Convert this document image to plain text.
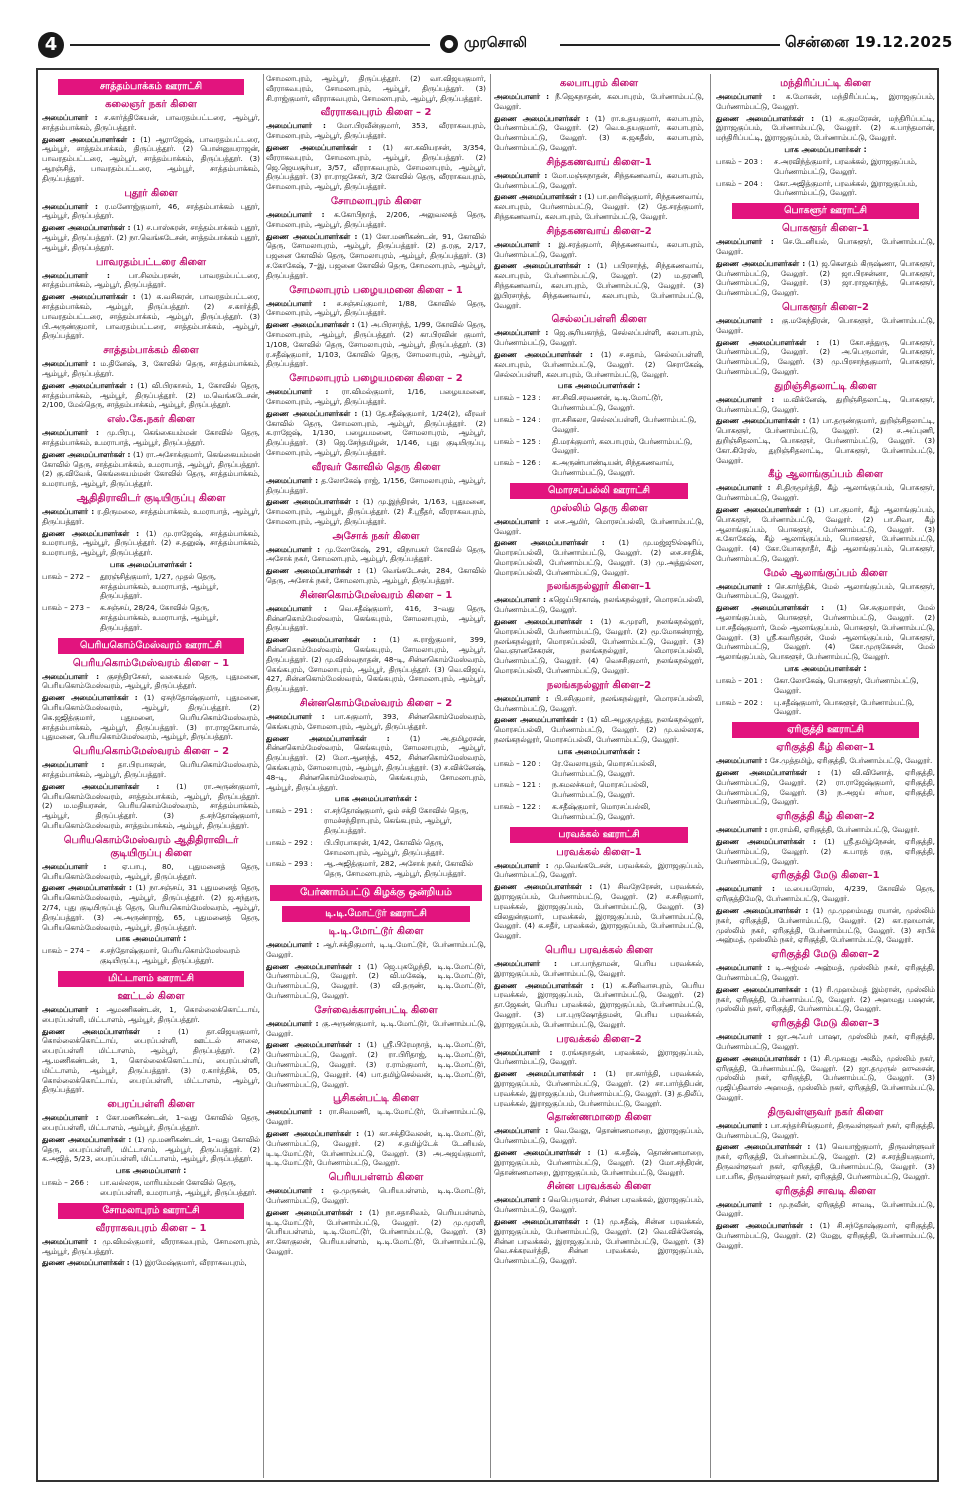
4	● முரசொலி	சென்னை 19.12.2025
சாத்தம்பாக்கம் ஊராட்சி
கலைஞர் நகர் கிளை
அமைப்பாளர் : ச.கார்த்திகேயன், பாவரதம்பட்டரை, ஆம்பூர், சாத்தம்பாக்கம், திருப்பத்தூர்.
துணை அமைப்பாளர்கள் : (1) ஆராஜேஷ், பாவரதம்பட்டரை, ஆம்பூர், சாத்தம்பாக்கம், திருப்பத்தூர். (2) பொன்னுயராஜன், பாவரதம்பட்டரை, ஆம்பூர், சாத்தம்பாக்கம், திருப்பத்தூர். (3) ஆரஞ்சித், பாவரதம்பட்டரை, ஆம்பூர், சாத்தம்பாக்கம், திருப்பத்தூர்.
புதூர் கிளை
அமைப்பாளர் : ர.மனோஜ்குமார், 46, சாத்தம்பாக்கம் புதூர், ஆம்பூர், திருப்பத்தூர்.
துணை அமைப்பாளர்கள் : (1) ச.பாஸ்கரன், சாத்தம்பாக்கம் புதூர், ஆம்பூர், திருப்பத்தூர். (2) நா.வெங்கடேசன், சாத்தம்பாக்கம் புதூர், ஆம்பூர், திருப்பத்தூர்.
பாவரதம்பட்டரை கிளை
அமைப்பாளர் :	பா.சிலம்பரசன், பாவரதம்பட்டரை, சாத்தம்பாக்கம், ஆம்பூர், திருப்பத்தூர்.
துணை அமைப்பாளர்கள் : (1) க.வசிகரன், பாவரதம்பட்டரை, சாத்தம்பாக்கம், ஆம்பூர், திருப்பத்தூர். (2) ச.கார்த்தி, பாவரதம்பட்டரை, சாத்தம்பாக்கம், ஆம்பூர், திருப்பத்தூர். (3) பி.அருண்குமார், பாவரதம்பட்டரை, சாத்தம்பாக்கம், ஆம்பூர், திருப்பத்தூர்.
சாத்தம்பாக்கம் கிளை
அமைப்பாளர் : ம.தினேஷ், 3, கோவில் தெரு, சாத்தம்பாக்கம், ஆம்பூர், திருப்பத்தூர்.
துணை அமைப்பாளர்கள் : (1) வி.பிரகாசம், 1, கோவில் தெரு, சாத்தம்பாக்கம், ஆம்பூர், திருப்பத்தூர். (2) ம.வெங்கடேசன், 2/100, மேல்தெரு, சாத்தம்பாக்கம், ஆம்பூர், திருப்பத்தூர்.
எஸ்.கே.நகர் கிளை
அமைப்பாளர் : மு.பிரபு, கெங்கையம்மன் கோவில் தெரு, சாத்தம்பாக்கம், உமராபாத், ஆம்பூர், திருப்பத்தூர்.
துணை அமைப்பாளர்கள் : (1) ரா.அசோக்குமார், கெங்கையம்மன் கோவில் தெரு, சாத்தம்பாக்கம், உமராபாத், ஆம்பூர், திருப்பத்தூர். (2) கு.விவேக், கெங்கையம்மன் கோவில் தெரு, சாத்தம்பாக்கம், உமராபாத், ஆம்பூர், திருப்பத்தூர்.
ஆதிதிராவிடர் குடியிருப்பு கிளை
அமைப்பாளர் : ர.திருமலை, சாத்தம்பாக்கம், உமராபாத், ஆம்பூர், திருப்பத்தூர்.
துணை அமைப்பாளர்கள் : (1) மு.ராஜேஷ், சாத்தம்பாக்கம், உமராபாத், ஆம்பூர், திருப்பத்தூர். (2) ச.தனுஷ், சாத்தம்பாக்கம், உமராபாத், ஆம்பூர், திருப்பத்தூர்.
பாக அமைப்பாளர்கள் :
பாகம் – 272 –	தூரஞ்சித்குமார், 1/27, முதல் தெரு, சாத்தம்பாக்கம், உமராபாத், ஆம்பூர், திருப்பத்தூர்.
பாகம் – 273 –	க.சஞ்சய், 28/24, கோவில் தெரு, சாத்தம்பாக்கம், உமராபாத், ஆம்பூர், திருப்பத்தூர்.
பெரியகொம்மேஸ்வரம் ஊராட்சி
பெரியகொம்மேஸ்வரம் கிளை – 1
அமைப்பாளர் : குசந்திரசேகர், வகையல் தெரு, புதுமனை, பெரியகொம்மேஸ்வரம், ஆம்பூர், திருப்பத்தூர்.
துணை அமைப்பாளர்கள் : (1) ஏசுந்தோஷ்குமார், புதுமனை, பெரியகொம்மேஸ்வரம், ஆம்பூர், திருப்பத்தூர். (2) கெ.ஜஜித்குமார், புதுமனை, பெரியகொம்மேஸ்வரம், சாத்தம்பாக்கம், ஆம்பூர், திருப்பத்தூர். (3) ரா.ராஜகோபால், புதுமனை, பெரியகொம்மேஸ்வரம், ஆம்பூர், திருப்பத்தூர்.
பெரியகொம்மேஸ்வரம் கிளை – 2
அமைப்பாளர் : தா.பிரபாகரன், பெரியகொம்மேஸ்வரம், சாத்தம்பாக்கம், ஆம்பூர், திருப்பத்தூர்.
துணை அமைப்பாளர்கள் : (1) ரா.அருண்குமார், பெரியகொம்மேஸ்வரம், சாத்தம்பாக்கம், ஆம்பூர், திருப்பத்தூர். (2) ம.மதியரசன், பெரியகொம்மேஸ்வரம், சாத்தம்பாக்கம், ஆம்பூர், திருப்பத்தூர். (3) த.சந்தோஷ்குமார், பெரியகொம்மேஸ்வரம், சாத்தம்பாக்கம், ஆம்பூர், திருப்பத்தூர்.
பெரியகொம்மேஸ்வரம் ஆதிதிராவிடர் குடியிருப்பு கிளை
அமைப்பாளர் : ஏ.பாபு, 80, புதுமனைத் தெரு, பெரியகொம்மேஸ்வரம், ஆம்பூர், திருப்பத்தூர்.
துணை அமைப்பாளர்கள் : (1) நா.சஞ்சய், 31 புதுமனைத் தெரு, பெரியகொம்மேஸ்வரம், ஆம்பூர், திருப்பத்தூர். (2) ஜ.சந்துரு, 2/74, புது குடியிருப்புத் தெரு, பெரியகொம்மேஸ்வரம், ஆம்பூர், திருப்பத்தூர். (3) அ.அருண்ராஜ், 65, புதுமனைத் தெரு, பெரியகொம்மேஸ்வரம், ஆம்பூர், திருப்பத்தூர்.
பாக அமைப்பாளர் :
பாகம் – 274 –	ச.சந்தோஷ்குமார், பெரியகொம்மேஸ்வரம் குடியிருப்பு, ஆம்பூர், திருப்பத்தூர்.
மிட்டாளம் ஊராட்சி
ஊட்டல் கிளை
அமைப்பாளர் : ஆமணிகண்டன், 1, கொல்லைக்கொட்டாய், பைரப்பள்ளி, மிட்டாளம், ஆம்பூர், திருப்பத்தூர்.
துணை அமைப்பாளர்கள் : (1) தா.விஜயகுமார், கொல்லைக்கொட்டாய், பைரப்பள்ளி, ஊட்டல் சாலை, பைரப்பள்ளி மிட்டாளம், ஆம்பூர், திருப்பத்தூர். (2) ஆ.மணிகண்டன், 1, கொல்லைக்கொட்டாய், பைரப்பள்ளி, மிட்டாளம், ஆம்பூர், திருப்பத்தூர். (3) ர.கார்த்திக், 05, கொல்லைக்கொட்டாய், பைரப்பள்ளி, மிட்டாளம், ஆம்பூர், திருப்பத்தூர்.
பைரப்பள்ளி கிளை
அமைப்பாளர் : கோ.மணிகண்டன், 1–வது கோவில் தெரு, பைரப்பள்ளி, மிட்டாளம், ஆம்பூர், திருப்பத்தூர்.
துணை அமைப்பாளர்கள் : (1) மு.மணிகண்டன், 1–வது கோவில் தெரு, பைரப்பள்ளி, மிட்டாளம், ஆம்பூர், திருப்பத்தூர். (2) க.அஜித், 5/23, பைரப்பள்ளி, மிட்டாளம், ஆம்பூர், திருப்பத்தூர்.
பாக அமைப்பாளர் :
பாகம் – 266 :	பா.வல்லரசு, மாரியம்மன் கோவில் தெரு, பைரப்பள்ளி, உமராபாத், ஆம்பூர், திருப்பத்தூர்.
சோமலாபுரம் ஊராட்சி
வீரராகவபுரம் கிளை – 1
அமைப்பாளர் : மு.விமல்குமார், வீரராகவபுரம், சோமலாபுரம், ஆம்பூர், திருப்பத்தூர்.
துணை அமைப்பாளர்கள் : (1) இரமேஷ்குமார், வீரராகவபுரம்,
சோமலாபுரம், ஆம்பூர், திருப்பத்தூர். (2) வா.விஜயகுமார், வீரராகவபுரம், சோமலாபுரம், ஆம்பூர், திருப்பத்தூர். (3) சி.ராஜ்குமார், வீரராகவபுரம், சோமலாபுரம், ஆம்பூர், திருப்பத்தூர்.
வீரராகவபுரம் கிளை – 2
அமைப்பாளர் : மோ.பிரவீன்குமார், 353, வீரராகவபுரம், சோமலாபுரம், ஆம்பூர், திருப்பத்தூர்.
துணை அமைப்பாளர்கள் : (1) கா.கவியரசன், 3/354, வீரராகவபுரம், சோமலாபுரம், ஆம்பூர், திருப்பத்தூர். (2) ஜெ.ஜெயசூர்யா, 3/57, வீரராகவபுரம், சோமலாபுரம், ஆம்பூர், திருப்பத்தூர். (3) ரா.ராஜசேகர், 3/2 கோவில் தெரு, வீரராகவபுரம், சோமலாபுரம், ஆம்பூர், திருப்பத்தூர்.
சோமலாபுரம் கிளை
அமைப்பாளர் : க.கோபிநாத், 2/206, அலுவலகத் தெரு, சோமலாபுரம், ஆம்பூர், திருப்பத்தூர்.
துணை அமைப்பாளர்கள் : (1) கோ.மணிகண்டன், 91, கோவில் தெரு, சோமலாபுரம், ஆம்பூர், திருப்பத்தூர். (2) த.ரகு, 2/17, பஜனை கோவில் தெரு, சோமலாபுரம், ஆம்பூர், திருப்பத்தூர். (3) ச.கோகேஷ், 7–இ, பஜனை கோவில் தெரு, சோமலாபுரம், ஆம்பூர், திருப்பத்தூர்.
சோமலாபுரம் பழையமனை கிளை – 1
அமைப்பாளர் : ச.சஞ்சய்குமார், 1/88, கோவில் தெரு, சோமலாபுரம், ஆம்பூர், திருப்பத்தூர்.
துணை அமைப்பாளர்கள் : (1) அ.பிரசாந்த், 1/99, கோவில் தெரு, சோமலாபுரம், ஆம்பூர், திருப்பத்தூர். (2) கா.பிரவின் குமார், 1/108, கோவில் தெரு, சோமலாபுரம், ஆம்பூர், திருப்பத்தூர். (3) ர.சதீஷ்குமார், 1/103, கோவில் தெரு, சோமலாபுரம், ஆம்பூர், திருப்பத்தூர்.
சோமலாபுரம் பழையமனை கிளை – 2
அமைப்பாளர் : ரா.விமல்குமார், 1/16, பழையமனை, சோமலாபுரம், ஆம்பூர், திருப்பத்தூர்.
துணை அமைப்பாளர்கள் : (1) தே.சதீஷ்குமார், 1/24(2), வீரவர் கோவில் தெரு, சோமலாபுரம், ஆம்பூர், திருப்பத்தூர். (2) க.ராஜேஷ், 1/130, பழையமனை, சோமலாபுரம், ஆம்பூர், திருப்பத்தூர். (3) ஜெ.சேந்தமிழன், 1/146, புது குடியிருப்பு, சோமலாபுரம், ஆம்பூர், திருப்பத்தூர்.
வீரவர் கோவில் தெரு கிளை
அமைப்பாளர் : த.லோகேஷ் ராஜ், 1/156, சோமலாபுரம், ஆம்பூர், திருப்பத்தூர்.
துணை அமைப்பாளர்கள் : (1) மு.இந்திரன், 1/163, புதுமனை, சோமலாபுரம், ஆம்பூர், திருப்பத்தூர். (2) சீ.ஸ்ரீதர், வீரராகவபுரம், சோமலாபுரம், ஆம்பூர், திருப்பத்தூர்.
அசோக் நகர் கிளை
அமைப்பாளர் : மு.லோகேஷ், 291, விநாயகர் கோவில் தெரு, அசோக் நகர், சோமலாபுரம், ஆம்பூர், திருப்பத்தூர்.
துணை அமைப்பாளர்கள் : (1) வெங்கடேசன், 284, கோவில் தெரு, அசோக் நகர், சோமலாபுரம், ஆம்பூர், திருப்பத்தூர்.
சின்னகொம்மேஸ்வரம் கிளை – 1
அமைப்பாளர் : வெ.சதீஷ்குமார், 416, 3–வது தெரு, சின்னகொம்மேஸ்வரம், கெங்கபுரம், சோமலாபுரம், ஆம்பூர், திருப்பத்தூர்.
துணை அமைப்பாளர்கள் : (1) சு.ராஜ்குமார், 399, சின்னகொம்மேஸ்வரம், கெங்கபுரம், சோமலாபுரம், ஆம்பூர், திருப்பத்தூர். (2) மு.விஸ்வநாதன், 48–டி, சின்னகொம்மேஸ்வரம், கெங்கபுரம், சோமலாபுரம், ஆம்பூர், திருப்பத்தூர். (3) வெ.விஜய், 427, சின்னகொம்மேஸ்வரம், கெங்கபுரம், சோமலாபுரம், ஆம்பூர், திருப்பத்தூர்.
சின்னகொம்மேஸ்வரம் கிளை – 2
அமைப்பாளர் : பா.சுகுமார், 393, சின்னகொம்மேஸ்வரம், கெங்கபுரம், சோமலாபுரம், ஆம்பூர், திருப்பத்தூர்.
துணை அமைப்பாளர்கள் :	(1) அ.தமிழரசன், சின்னகொம்மேஸ்வரம், கெங்கபுரம், சோமலாபுரம், ஆம்பூர், திருப்பத்தூர். (2) மோ.ஆனந்த், 452, சின்னகொம்மேஸ்வரம், கெங்கபுரம், சோமலாபுரம், ஆம்பூர், திருப்பத்தூர். (3) ச.விக்னேஷ், 48–டி, சின்னகொம்மேஸ்வரம், கெங்கபுரம், சோமலாபுரம், ஆம்பூர், திருப்பத்தூர்.
பாக அமைப்பாளர்கள் :
பாகம் – 291 :	எ.சந்தோஷ்குமார், ஓம் சக்தி கோவில் தெரு, ராமச்சந்திராபுரம், கெங்கபுரம், ஆம்பூர், திருப்பத்தூர்.
பாகம் – 292 :	பி.பிரபாகரன், 1/42, கோவில் தெரு, சோமலாபுரம், ஆம்பூர், திருப்பத்தூர்.
பாகம் – 293 :	ஆ.அஜித்குமார், 282, அசோக் நகர், கோவில் தெரு, சோமலாபுரம், ஆம்பூர், திருப்பத்தூர்.
பேர்ணாம்பட்டு கிழக்கு ஒன்றியம்
டி.டி.மோட்டூர் ஊராட்சி
டி.டி.மோட்டூர் கிளை
அமைப்பாளர் : ஆர்.சக்திகுமார், டி.டி.மோட்டூர், பேர்ணாம்பட்டு, வேலூர்.
துணை அமைப்பாளர்கள் : (1) ஜெ.புகழேந்தி, டி.டி.மோட்டூர், பேர்ணாம்பட்டு, வேலூர். (2) வி.மகேஷ், டி.டி.மோட்டூர், பேர்ணாம்பட்டு, வேலூர். (3) வி.தருண், டி.டி.மோட்டூர், பேர்ணாம்பட்டு, வேலூர்.
சேர்வைக்காரன்பட்டி கிளை
அமைப்பாளர் : கு.அருண்குமார், டி.டி.மோட்டூர், பேர்ணாம்பட்டு, வேலூர்.
துணை அமைப்பாளர்கள் : (1) ஸ்ரீ.பிரேமநாத், டி.டி.மோட்டூர், பேர்ணாம்பட்டு, வேலூர். (2) ரா.பிரிதாஜ், டி.டி.மோட்டூர், பேர்ணாம்பட்டு, வேலூர். (3) ர.ராம்குமார், டி.டி.மோட்டூர், பேர்ணாம்பட்டு, வேலூர். (4) பா.தமிழ்செல்வன், டி.டி.மோட்டூர், பேர்ணாம்பட்டு, வேலூர்.
பூசிகன்பட்டி கிளை
அமைப்பாளர் : ரா.சிவமணி, டி.டி.மோட்டூர், பேர்ணாம்பட்டு, வேலூர்.
துணை அமைப்பாளர்கள் : (1) கா.சக்திவேலன், டி.டி.மோட்டூர், பேர்ணாம்பட்டு, வேலூர். (2) ச.தமிழ்டேக் டேனியல், டி.டி.மோட்டூர், பேர்ணாம்பட்டு, வேலூர். (3) அ.அஜய்குமார், டி.டி.மோட்டூர், பேர்ணாம்பட்டு, வேலூர்.
பெரியபள்ளம் கிளை
அமைப்பாளர் : ஒ.முருகன், பெரியபள்ளம், டி.டி.மோட்டூர், பேர்ணாம்பட்டு, வேலூர்.
துணை அமைப்பாளர்கள் : (1) நா.சதாசிவம், பெரியபள்ளம், டி.டி.மோட்டூர், பேர்ணாம்பட்டு, வேலூர். (2) மு.முரளி, பெரியபள்ளம், டி.டி.மோட்டூர், பேர்ணாம்பட்டு, வேலூர். (3) சா.கோகுலன், பெரியபள்ளம், டி.டி.மோட்டூர், பேர்ணாம்பட்டு, வேலூர்.
கலபாபுரம் கிளை
அமைப்பாளர் : நீ.ஜெகநாதன், கலபாபுரம், பேர்ணாம்பட்டு, வேலூர்.
துணை அமைப்பாளர்கள் : (1) ரா.உதயகுமார், கலபாபுரம், பேர்ணாம்பட்டு, வேலூர். (2) வெ.உதயகுமார், கலபாபுரம், பேர்ணாம்பட்டு, வேலூர். (3) சு.ஜகதீஸ், கலபாபுரம், பேர்ணாம்பட்டு, வேலூர்.
சிந்தகணவாய் கிளை–1
அமைப்பாளர் : மோ.மஞ்சுநாதன், சிந்தகணவாய், கலபாபுரம், பேர்ணாம்பட்டு, வேலூர்.
துணை அமைப்பாளர்கள் : (1) பா.ஹரிஷ்குமார், சிந்தகணவாய், கலபாபுரம், பேர்ணாம்பட்டு, வேலூர். (2) தே.சரத்குமார், சிந்தகணவாய், கலபாபுரம், பேர்ணாம்பட்டு, வேலூர்.
சிந்தகணவாய் கிளை–2
அமைப்பாளர் : இ.சரத்குமார், சிந்தகணவாய், கலபாபுரம், பேர்ணாம்பட்டு, வேலூர்.
துணை அமைப்பாளர்கள் : (1) பபிரசாந்த், சிந்தகணவாய், கலபாபுரம், பேர்ணாம்பட்டு, வேலூர். (2) ம.தரணி, சிந்தகணவாய், கலபாபுரம், பேர்ணாம்பட்டு, வேலூர். (3) இபிரசாந்த், சிந்தகணவாய், கலபாபுரம், பேர்ணாம்பட்டு, வேலூர்.
செல்லப்பள்ளி கிளை
அமைப்பாளர் : ஜெ.சூரியகாந்த், செல்லப்பள்ளி, கலபாபுரம், பேர்ணாம்பட்டு, வேலூர்.
துணை அமைப்பாளர்கள் : (1) ச.சதாம், செல்லப்பள்ளி, கலபாபுரம், பேர்ணாம்பட்டு, வேலூர். (2) செராகேஷ், செல்லப்பள்ளி, கலபாபுரம், பேர்ணாம்பட்டு, வேலூர்.
பாக அமைப்பாளர்கள் :
பாகம் – 123 :	சா.சிவி.சரவணன், டி.டி.மோட்டூர், பேர்ணாம்பட்டு, வேலூர்.
பாகம் – 124 :	ரா.சசிகலா, செல்லப்பள்ளி, பேர்ணாம்பட்டு, வேலூர்.
பாகம் – 125 :	தி.மரக்குமார், கலபாபுரம், பேர்ணாம்பட்டு, வேலூர்.
பாகம் – 126 :	சு.அருண்பாண்டியன், சிந்தகணவாய், பேர்ணாம்பட்டு, வேலூர்.
மொரசப்பல்லி ஊராட்சி
முஸ்லிம் தெரு கிளை
அமைப்பாளர் : சை.ஆமிர், மொரசப்பல்லி, பேர்ணாம்பட்டு, வேலூர்.
துணை அமைப்பாளர்கள் : (1) மு.மஜ்ஜூல்ஷரிப், மொரசப்பல்லி, பேர்ணாம்பட்டு, வேலூர். (2) சை.சாதிக், மொரசப்பல்லி, பேர்ணாம்பட்டு, வேலூர். (3) மு.அத்துல்லா, மொரசப்பல்லி, பேர்ணாம்பட்டு, வேலூர்.
நலங்கநல்லூர் கிளை–1
அமைப்பாளர் : கஜெய்பிரகாஷ், நலங்கநல்லூர், மொரசப்பல்லி, பேர்ணாம்பட்டு, வேலூர்.
துணை அமைப்பாளர்கள் : (1) க.முரளி, நலங்கநல்லூர், மொரசப்பல்லி, பேர்ணாம்பட்டு, வேலூர். (2) மூ.மோகன்ராஜ், நலங்கநல்லூர், மொரசப்பல்லி, பேர்ணாம்பட்டு, வேலூர். (3) வெ.ஞானசேகரன், நலங்கநல்லூர், மொரசப்பல்லி, பேர்ணாம்பட்டு, வேலூர். (4) வெசசிகுமார், நலங்கநல்லூர், மொரசப்பல்லி, பேர்ணாம்பட்டு, வேலூர்.
நலங்கநல்லூர் கிளை–2
அமைப்பாளர் : பி.சசிகுமார், நலங்கநல்லூர், மொரசப்பல்லி, பேர்ணாம்பட்டு, வேலூர்.
துணை அமைப்பாளர்கள் : (1) வி.அழகுமுத்து, நலங்கநல்லூர், மொரசப்பல்லி, பேர்ணாம்பட்டு, வேலூர். (2) மு.வல்லரசு, நலங்கநல்லூர், மொரசப்பல்லி, பேர்ணாம்பட்டு, வேலூர்.
பாக அமைப்பாளர்கள் :
பாகம் – 120 :	ரே.வேலாயுதம், மொரசப்பல்லி, பேர்ணாம்பட்டு, வேலூர்.
பாகம் – 121 :	ந.சுமலச்சுமர், மொரசப்பல்லி, பேர்ணாம்பட்டு, வேலூர்.
பாகம் – 122 :	க.சதீஷ்குமார், மொரசப்பல்லி, பேர்ணாம்பட்டு, வேலூர்.
பரவக்கல் ஊராட்சி
பரவக்கல் கிளை–1
அமைப்பாளர் : மு.வெங்கடேசன், பரவக்கல், இராஜகுப்பம், பேர்ணாம்பட்டு, வேலூர்.
துணை அமைப்பாளர்கள் : (1) சிவநேரேசன், பரவக்கல், இராஜகுப்பம், பேர்ணாம்பட்டு, வேலூர். (2) ச.சசிகுமார், பரவக்கல், இராஜகுப்பம், பேர்ணாம்பட்டு, வேலூர். (3) விலதுன்குமார், பரவக்கல், இராஜகுப்பம், பேர்ணாம்பட்டு, வேலூர். (4) க.சதீர், பரவக்கல், இராஜகுப்பம், பேர்ணாம்பட்டு, வேலூர்.
பெரிய பரவக்கல் கிளை
அமைப்பாளர் : பா.பாந்தாமன், பெரிய பரவக்கல், இராஜகுப்பம், பேர்ணாம்பட்டு, வேலூர்.
துணை அமைப்பாளர்கள் : (1) க.சீனிவாசபுரம், பெரிய பரவக்கல், இராஜகுப்பம், பேர்ணாம்பட்டு, வேலூர். (2) தா.ஜேகன், பெரிய பரவக்கல், இராஜகுப்பம், பேர்ணாம்பட்டு, வேலூர். (3) பா.புருஷோத்தமன், பெரிய பரவக்கல், இராஜகுப்பம், பேர்ணாம்பட்டு, வேலூர்.
பரவக்கல் கிளை–2
அமைப்பாளர் : ர.ரங்கநாதன், பரவக்கல், இராஜகுப்பம், பேர்ணாம்பட்டு, வேலூர்.
துணை அமைப்பாளர்கள் : (1) ரா.கார்த்தி, பரவக்கல், இராஜகுப்பம், பேர்ணாம்பட்டு, வேலூர். (2) சா.பார்த்திபன், பரவக்கல், இராஜகுப்பம், பேர்ணாம்பட்டு, வேலூர். (3) த.திலீப், பரவக்கல், இராஜகுப்பம், பேர்ணாம்பட்டு, வேலூர்.
தொண்ணமாறை கிளை
அமைப்பாளர் : வெ.வேலு, தொண்ணமாறை, இராஜகுப்பம், பேர்ணாம்பட்டு, வேலூர்.
துணை அமைப்பாளர்கள் : (1) க.சதீஷ், தொண்ணமாறை, இராஜகுப்பம், பேர்ணாம்பட்டு, வேலூர். (2) மோ.சந்திரன், தொண்ணமாறை, இராஜகுப்பம், பேர்ணாம்பட்டு, வேலூர்.
சின்ன பரவக்கல் கிளை
அமைப்பாளர் : வெபெருமாள், சின்ன பரவக்கல், இராஜகுப்பம், பேர்ணாம்பட்டு, வேலூர்.
துணை அமைப்பாளர்கள் : (1) மு.சதீஷ், சின்ன பரவக்கல், இராஜகுப்பம், பேர்ணாம்பட்டு, வேலூர். (2) வெ.விக்னேஷ், சின்ன பரவக்கல், இராஜகுப்பம், பேர்ணாம்பட்டு, வேலூர். (3) வெ.சக்கரவர்த்தி, சின்ன பரவக்கல், இராஜகுப்பம், பேர்ணாம்பட்டு, வேலூர்.
மந்திரிப்பட்டி கிளை
அமைப்பாளர் : க.மோகன், மந்திரிப்பட்டி, இராஜகுப்பம், பேர்ணாம்பட்டு, வேலூர்.
துணை அமைப்பாளர்கள் : (1) க.குமரேசன், மந்திரிப்பட்டி, இராஜகுப்பம், பேர்ணாம்பட்டு, வேலூர். (2) க.பாந்தமான், மந்திரிப்பட்டி, இராஜகுப்பம், பேர்ணாம்பட்டு, வேலூர்.
பாக அமைப்பாளர்கள் :
பாகம் – 203 :	ச.அரவிந்த்குமார், பரவக்கல், இராஜகுப்பம், பேர்ணாம்பட்டு, வேலூர்.
பாகம் – 204 :	கோ.அஜித்குமார், பரவக்கல், இராஜகுப்பம், பேர்ணாம்பட்டு, வேலூர்.
பொகளூர் ஊராட்சி
பொகளூர் கிளை–1
அமைப்பாளர் : செ.டேனியல், பொகளூர், பேர்ணாம்பட்டு, வேலூர்.
துணை அமைப்பாளர்கள் : (1) ஜ.கௌதம் கிருஷ்ணா, பொகளூர், பேர்ணாம்பட்டு, வேலூர். (2) ஜா.பிரசன்னா, பொகளூர், பேர்ணாம்பட்டு, வேலூர். (3) ஜா.ராஜகாந்த், பொகளூர், பேர்ணாம்பட்டு, வேலூர்.
பொகளூர் கிளை–2
அமைப்பாளர் : கு.மகேந்திரன், பொகளூர், பேர்ணாம்பட்டு, வேலூர்.
துணை அமைப்பாளர்கள் : (1) கோ.சத்துரு, பொகளூர், பேர்ணாம்பட்டு, வேலூர். (2) அ.பெருமாள், பொகளூர், பேர்ணாம்பட்டு, வேலூர். (3) மு.பிரசாந்தகுமார், பொகளூர், பேர்ணாம்பட்டு, வேலூர்.
துறிஞ்சிதலாட்டி கிளை
அமைப்பாளர் : ம.விக்னேஷ், துறிஞ்சிதலாட்டி, பொகளூர், பேர்ணாம்பட்டு, வேலூர்.
துணை அமைப்பாளர்கள் : (1) பா.தருண்குமார், துறிஞ்சிதலாட்டி, பொகளூர், பேர்ணாம்பட்டு, வேலூர். (2) ச.அப்புணி, துறிஞ்சிதலாட்டி, பொகளூர், பேர்ணாம்பட்டு, வேலூர். (3) கோ.கிரேஸ், துறிஞ்சிதலாட்டி, பொகளூர், பேர்ணாம்பட்டு, வேலூர்.
கீழ் ஆலாங்குப்பம் கிளை
அமைப்பாளர் : சி.திருமூர்த்தி, கீழ் ஆலாங்குப்பம், பொகளூர், பேர்ணாம்பட்டு, வேலூர்.
துணை அமைப்பாளர்கள் : (1) பா.குமார், கீழ் ஆலாங்குப்பம், பொகளூர், பேர்ணாம்பட்டு, வேலூர். (2) பா.சிவா, கீழ் ஆலாங்குப்பம், பொகளூர், பேர்ணாம்பட்டு, வேலூர். (3) க.கோகேஷ், கீழ் ஆலாங்குப்பம், பொகளூர், பேர்ணாம்பட்டு, வேலூர். (4) கோ.யோகநாதீர், கீழ் ஆலாங்குப்பம், பொகளூர், பேர்ணாம்பட்டு, வேலூர்.
மேல் ஆலாங்குப்பம் கிளை
அமைப்பாளர் : செ.கார்த்திக், மேல் ஆலாங்குப்பம், பொகளூர், பேர்ணாம்பட்டு, வேலூர்.
துணை அமைப்பாளர்கள் : (1) செ.சுகுமாரன், மேல் ஆலாங்குப்பம், பொகளூர், பேர்ணாம்பட்டு, வேலூர். (2) பா.சதீஷ்குமார், மேல் ஆலாங்குப்பம், பொகளூர், பேர்ணாம்பட்டு, வேலூர். (3) ஸ்ரீ.கவரிதரன், மேல் ஆலாங்குப்பம், பொகளூர், பேர்ணாம்பட்டு, வேலூர். (4) கோ.முருகேசன், மேல் ஆலாங்குப்பம், பொகளூர், பேர்ணாம்பட்டு, வேலூர்.
பாக அமைப்பாளர்கள் :
பாகம் – 201 :	கோ.லோகேஷ், பொகளூர், பேர்ணாம்பட்டு, வேலூர்.
பாகம் – 202 :	பு.சதீஷ்குமார், பொகளூர், பேர்ணாம்பட்டு, வேலூர்.
ஏரிகுத்தி ஊராட்சி
ஏரிகுத்தி கீழ் கிளை–1
அமைப்பாளர் : சே.முத்தமிழ், ஏரிகுத்தி, பேர்ணாம்பட்டு, வேலூர்.
துணை அமைப்பாளர்கள் : (1) வி.வினோத், ஏரிகுத்தி, பேர்ணாம்பட்டு, வேலூர். (2) ரா.ராஜேஷ்குமார், ஏரிகுத்தி, பேர்ணாம்பட்டு, வேலூர். (3) ந.அஜய் சர்மா, ஏரிகுத்தி, பேர்ணாம்பட்டு, வேலூர்.
ஏரிகுத்தி கீழ் கிளை–2
அமைப்பாளர் : ரா.ராம்கி, ஏரிகுத்தி, பேர்ணாம்பட்டு, வேலூர்.
துணை அமைப்பாளர்கள் : (1) ஸ்ரீ.தமிழ்நேசன், ஏரிகுத்தி, பேர்ணாம்பட்டு, வேலூர். (2) க.பாரத் ரகு, ஏரிகுத்தி, பேர்ணாம்பட்டு, வேலூர்.
ஏரிகுத்தி மேடு கிளை–1
அமைப்பாளர் : ம.பையரோஸ், 4/239, கோவில் தெரு, ஏரிகுத்திமேடு, பேர்ணாம்பட்டு, வேலூர்.
துணை அமைப்பாளர்கள் : (1) மு.முஹம்மது ரயான், முஸ்லிம் நகர், ஏரிகுத்தி, பேர்ணாம்பட்டு, வேலூர். (2) கா.ரஹமான், முஸ்லிம் நகர், ஏரிகுத்தி, பேர்ணாம்பட்டு, வேலூர். (3) சரபீக் அஹ்மத், முஸ்லிம் நகர், ஏரிகுத்தி, பேர்ணாம்பட்டு, வேலூர்.
ஏரிகுத்தி மேடு கிளை–2
அமைப்பாளர் : டி.அஜ்மல் அஹ்மத், முஸ்லிம் நகர், ஏரிகுத்தி, பேர்ணாம்பட்டு, வேலூர்.
துணை அமைப்பாளர்கள் : (1) ரி.முஹம்மத் இம்ரான், முஸ்லிம் நகர், ஏரிகுத்தி, பேர்ணாம்பட்டு, வேலூர். (2) அஹமது பஷரன், முஸ்லிம் நகர், ஏரிகுத்தி, பேர்ணாம்பட்டு, வேலூர்.
ஏரிகுத்தி மேடு கிளை–3
அமைப்பாளர் : ஜா.அஃபர் பாஷா, முஸ்லிம் நகர், ஏரிகுத்தி, பேர்ணாம்பட்டு, வேலூர்.
துணை அமைப்பாளர்கள் : (1) சி.முகமது அலீம், முஸ்லிம் நகர், ஏரிகுத்தி, பேர்ணாம்பட்டு, வேலூர். (2) ஜா.தமுருல் ஹுசைன், முஸ்லிம் நகர், ஏரிகுத்தி, பேர்ணாம்பட்டு, வேலூர். (3) முஜிப்திவாஸ் அஹமத், முஸ்லிம் நகர், ஏரிகுத்தி, பேர்ணாம்பட்டு, வேலூர்.
திருவள்ளுவர் நகர் கிளை
அமைப்பாளர் : பா.சுந்தர்சிங்குமார், திருவள்ளுவர் நகர், ஏரிகுத்தி, பேர்ணாம்பட்டு, வேலூர்.
துணை அமைப்பாளர்கள் : (1) வெயாஜ்குமார், திருவள்ளுவர் நகர், ஏரிகுத்தி, பேர்ணாம்பட்டு, வேலூர். (2) ச.சரத்தியகுமார், திருவள்ளுவர் நகர், ஏரிகுத்தி, பேர்ணாம்பட்டு, வேலூர். (3) பா.பரிசு, திருவள்ளுவர் நகர், ஏரிகுத்தி, பேர்ணாம்பட்டு, வேலூர்.
ஏரிகுத்தி சாவடி கிளை
அமைப்பாளர் : மு.நவீன், ஏரிகுத்தி சாவடி, பேர்ணாம்பட்டு, வேலூர்.
துணை அமைப்பாளர்கள் : (1) சி.சந்தோஷ்குமார், ஏரிகுத்தி, பேர்ணாம்பட்டு, வேலூர். (2) மேனு, ஏரிகுத்தி, பேர்ணாம்பட்டு, வேலூர்.
